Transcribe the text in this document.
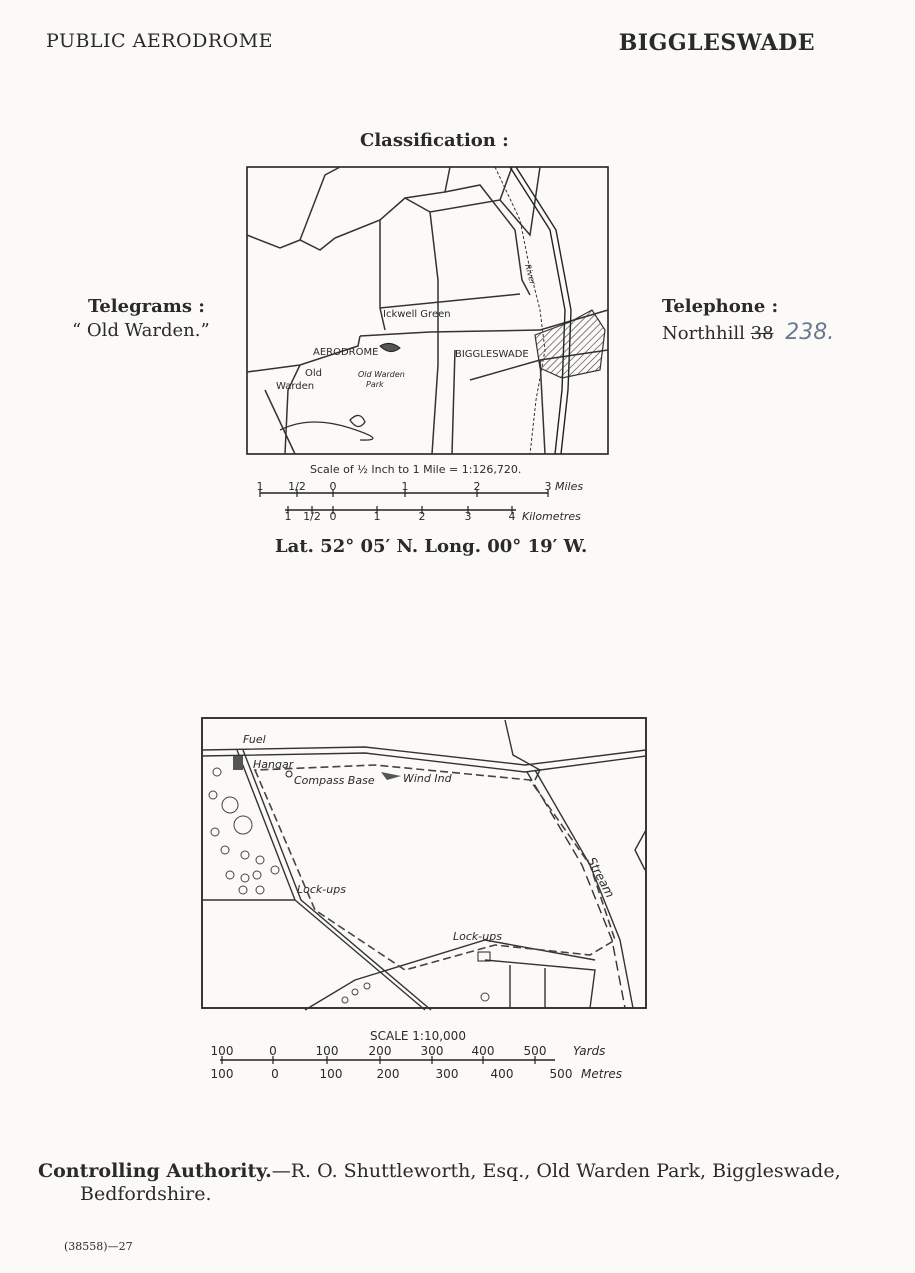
PUBLIC AERODROME	BIGGLESWADE
Classification :
Telegrams :
“ Old Warden.”
Telephone :
Northhill 38 238.
Ickwell Green
AERODROME	BIGGLESWADE
Old
Warden
Old Warden
Park
River
Scale of ½ Inch to 1 Mile = 1:126,720.
1 1/2 0	1	2	3 Miles
1 1/2 0	1	2	3	4 Kilometres
Lat. 52° 05′ N. Long. 00° 19′ W.
Fuel
Hangar
Compass Base	Wind Ind
Lock-ups
Lock-ups
Stream
SCALE 1:10,000
100	0	100	200 300 400 500 Yards
100	0	100	200	300	400	500 Metres
Controlling Authority.—R. O. Shuttleworth, Esq., Old Warden Park, Biggleswade,
Bedfordshire.
(38558)—27
